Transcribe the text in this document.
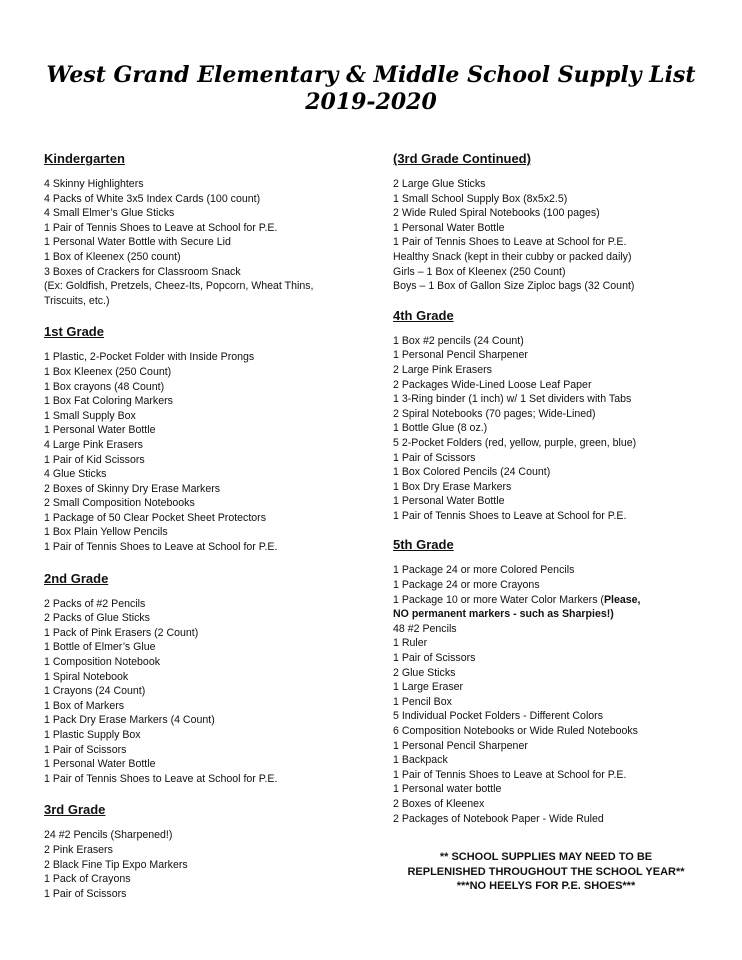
West Grand Elementary & Middle School Supply List
2019-2020
Kindergarten
4 Skinny Highlighters
4 Packs of White 3x5 Index Cards (100 count)
4 Small Elmer’s Glue Sticks
1 Pair of Tennis Shoes to Leave at School for P.E.
1 Personal Water Bottle with Secure Lid
1 Box of Kleenex (250 count)
3 Boxes of Crackers for Classroom Snack
(Ex: Goldfish, Pretzels, Cheez-Its, Popcorn, Wheat Thins,
Triscuits, etc.)
1st Grade
1 Plastic, 2-Pocket Folder with Inside Prongs
1 Box Kleenex (250 Count)
1 Box crayons (48 Count)
1 Box Fat Coloring Markers
1 Small Supply Box
1 Personal Water Bottle
4 Large Pink Erasers
1 Pair of Kid Scissors
4 Glue Sticks
2 Boxes of Skinny Dry Erase Markers
2 Small Composition Notebooks
1 Package of 50 Clear Pocket Sheet Protectors
1 Box Plain Yellow Pencils
1 Pair of Tennis Shoes to Leave at School for P.E.
2nd Grade
2 Packs of #2 Pencils
2 Packs of Glue Sticks
1 Pack of Pink Erasers (2 Count)
1 Bottle of Elmer’s Glue
1 Composition Notebook
1 Spiral Notebook
1 Crayons (24 Count)
1 Box of Markers
1 Pack Dry Erase Markers (4 Count)
1 Plastic Supply Box
1 Pair of Scissors
1 Personal Water Bottle
1 Pair of Tennis Shoes to Leave at School for P.E.
3rd Grade
24 #2 Pencils (Sharpened!)
2 Pink Erasers
2 Black Fine Tip Expo Markers
1 Pack of Crayons
1 Pair of Scissors
(3rd Grade Continued)
2 Large Glue Sticks
1 Small School Supply Box (8x5x2.5)
2 Wide Ruled Spiral Notebooks (100 pages)
1 Personal Water Bottle
1 Pair of Tennis Shoes to Leave at School for P.E.
Healthy Snack (kept in their cubby or packed daily)
Girls – 1 Box of Kleenex (250 Count)
Boys – 1 Box of Gallon Size Ziploc bags (32 Count)
4th Grade
1 Box #2 pencils (24 Count)
1 Personal Pencil Sharpener
2 Large Pink Erasers
2 Packages Wide-Lined Loose Leaf Paper
1 3-Ring binder (1 inch) w/ 1 Set dividers with Tabs
2 Spiral Notebooks (70 pages; Wide-Lined)
1 Bottle Glue (8 oz.)
5 2-Pocket Folders (red, yellow, purple, green, blue)
1 Pair of Scissors
1 Box Colored Pencils (24 Count)
1 Box Dry Erase Markers
1 Personal Water Bottle
1 Pair of Tennis Shoes to Leave at School for P.E.
5th Grade
1 Package 24 or more Colored Pencils
1 Package 24 or more Crayons
1 Package 10 or more Water Color Markers (Please,
NO permanent markers - such as Sharpies!)
48 #2 Pencils
1 Ruler
1 Pair of Scissors
2 Glue Sticks
1 Large Eraser
1 Pencil Box
5 Individual Pocket Folders - Different Colors
6 Composition Notebooks or Wide Ruled Notebooks
1 Personal Pencil Sharpener
1 Backpack
1 Pair of Tennis Shoes to Leave at School for P.E.
1 Personal water bottle
2 Boxes of Kleenex
2 Packages of Notebook Paper - Wide Ruled
** SCHOOL SUPPLIES MAY NEED TO BE
REPLENISHED THROUGHOUT THE SCHOOL YEAR**
***NO HEELYS FOR P.E. SHOES***
